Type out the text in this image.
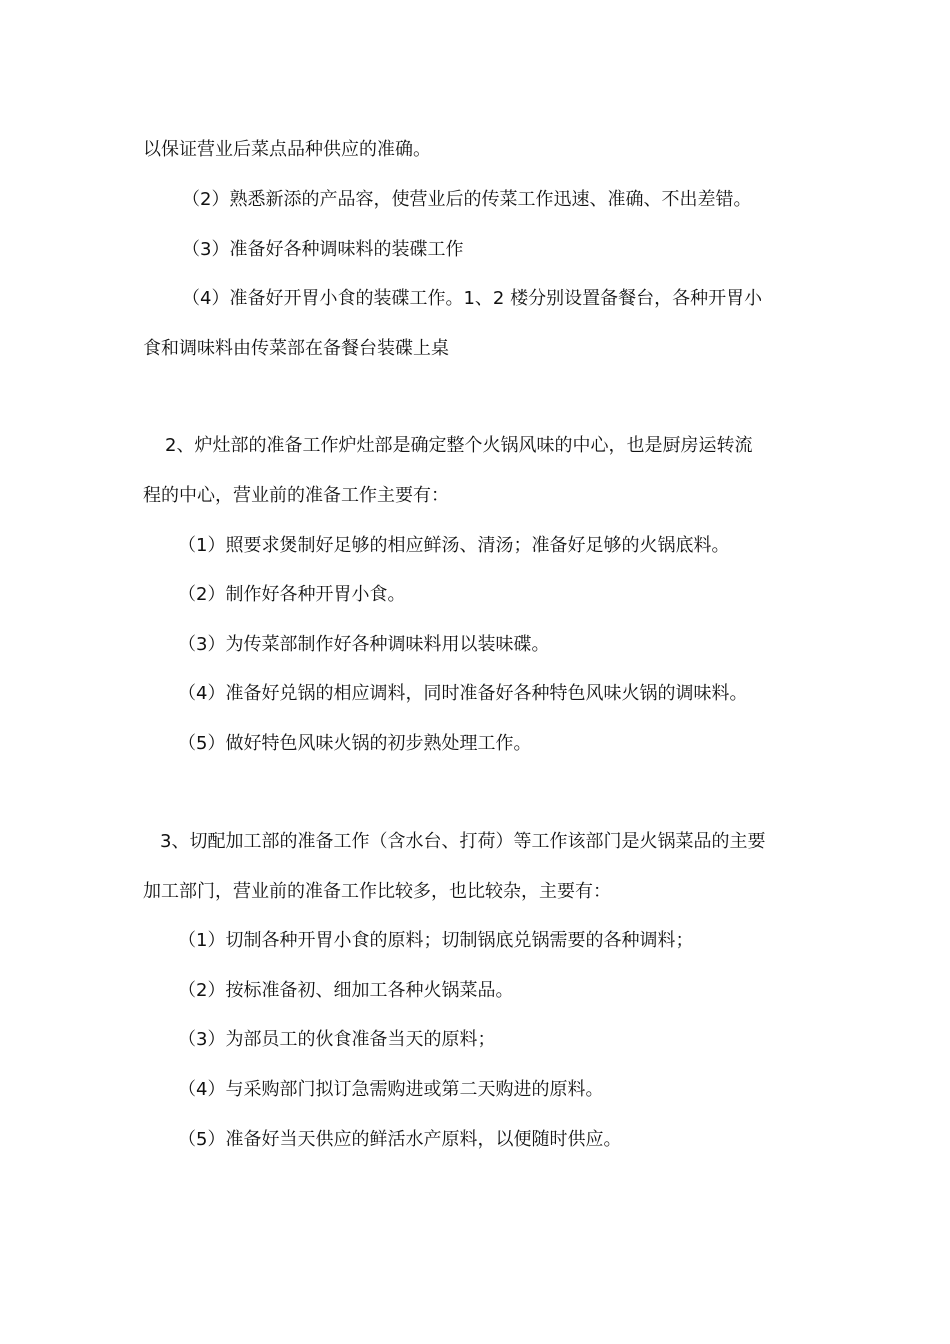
以保证营业后菜点品种供应的准确。
（2）熟悉新添的产品容，使营业后的传菜工作迅速、准确、不出差错。
（3）准备好各种调味料的装碟工作
（4）准备好开胃小食的装碟工作。1、2 楼分别设置备餐台，各种开胃小
食和调味料由传菜部在备餐台装碟上桌
2、炉灶部的准备工作炉灶部是确定整个火锅风味的中心，也是厨房运转流
程的中心，营业前的准备工作主要有：
（1）照要求煲制好足够的相应鲜汤、清汤；准备好足够的火锅底料。
（2）制作好各种开胃小食。
（3）为传菜部制作好各种调味料用以装味碟。
（4）准备好兑锅的相应调料，同时准备好各种特色风味火锅的调味料。
（5）做好特色风味火锅的初步熟处理工作。
3、切配加工部的准备工作（含水台、打荷）等工作该部门是火锅菜品的主要
加工部门，营业前的准备工作比较多，也比较杂，主要有：
（1）切制各种开胃小食的原料；切制锅底兑锅需要的各种调料；
（2）按标准备初、细加工各种火锅菜品。
（3）为部员工的伙食准备当天的原料；
（4）与采购部门拟订急需购进或第二天购进的原料。
（5）准备好当天供应的鲜活水产原料，以便随时供应。
